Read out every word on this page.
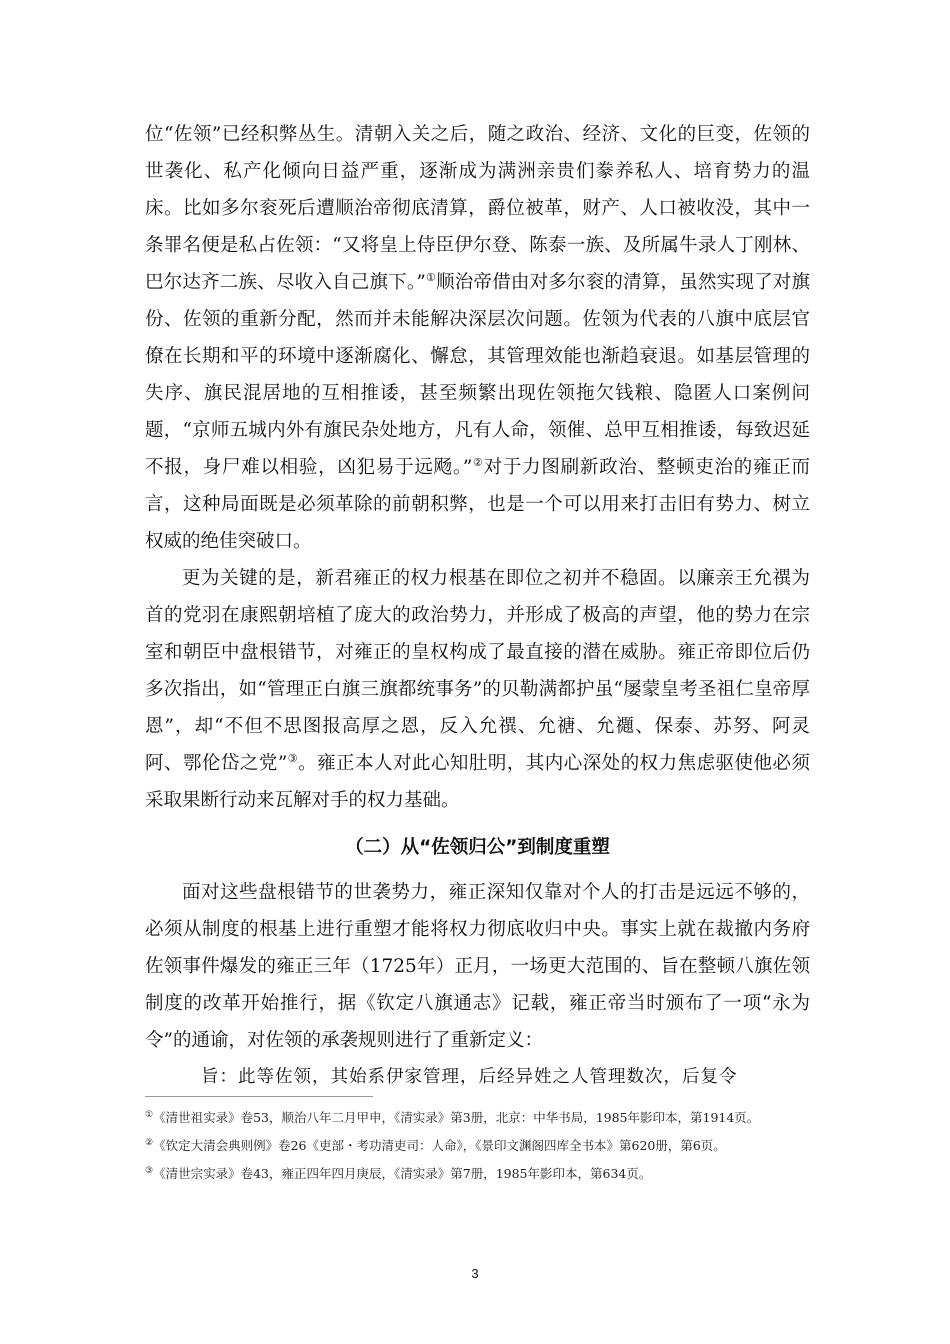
位“佐领”已经积弊丛生。清朝入关之后，随之政治、经济、文化的巨变，佐领的世袭化、私产化倾向日益严重，逐渐成为满洲亲贵们豢养私人、培育势力的温床。比如多尔衮死后遭顺治帝彻底清算，爵位被革，财产、人口被收没，其中一条罪名便是私占佐领：“又将皇上侍臣伊尔登、陈泰一族、及所属牛录人丁刚林、巴尔达齐二族、尽收入自己旗下。”①顺治帝借由对多尔衮的清算，虽然实现了对旗份、佐领的重新分配，然而并未能解决深层次问题。佐领为代表的八旗中底层官僚在长期和平的环境中逐渐腐化、懈怠，其管理效能也渐趋衰退。如基层管理的失序、旗民混居地的互相推诿，甚至频繁出现佐领拖欠钱粮、隐匿人口案例问题，“京师五城内外有旗民杂处地方，凡有人命，领催、总甲互相推诿，每致迟延不报，身尸难以相验，凶犯易于远飏。”②对于力图刷新政治、整顿吏治的雍正而言，这种局面既是必须革除的前朝积弊，也是一个可以用来打击旧有势力、树立权威的绝佳突破口。

更为关键的是，新君雍正的权力根基在即位之初并不稳固。以廉亲王允禩为首的党羽在康熙朝培植了庞大的政治势力，并形成了极高的声望，他的势力在宗室和朝臣中盘根错节，对雍正的皇权构成了最直接的潜在威胁。雍正帝即位后仍多次指出，如“管理正白旗三旗都统事务”的贝勒满都护虽“屡蒙皇考圣祖仁皇帝厚恩”，却“不但不思图报高厚之恩，反入允禩、允禟、允禵、保泰、苏努、阿灵阿、鄂伦岱之党”③。雍正本人对此心知肚明，其内心深处的权力焦虑驱使他必须采取果断行动来瓦解对手的权力基础。

（二）从“佐领归公”到制度重塑

面对这些盘根错节的世袭势力，雍正深知仅靠对个人的打击是远远不够的，必须从制度的根基上进行重塑才能将权力彻底收归中央。事实上就在裁撤内务府佐领事件爆发的雍正三年（1725年）正月，一场更大范围的、旨在整顿八旗佐领制度的改革开始推行，据《钦定八旗通志》记载，雍正帝当时颁布了一项“永为令”的通谕，对佐领的承袭规则进行了重新定义：

旨：此等佐领，其始系伊家管理，后经异姓之人管理数次，后复令

①《清世祖实录》卷53，顺治八年二月甲申，《清实录》第3册，北京：中华书局，1985年影印本，第1914页。

②《钦定大清会典则例》卷26《吏部・考功清吏司：人命》，《景印文渊阁四库全书本》第620册，第6页。

③《清世宗实录》卷43，雍正四年四月庚辰，《清实录》第7册，1985年影印本，第634页。

3
